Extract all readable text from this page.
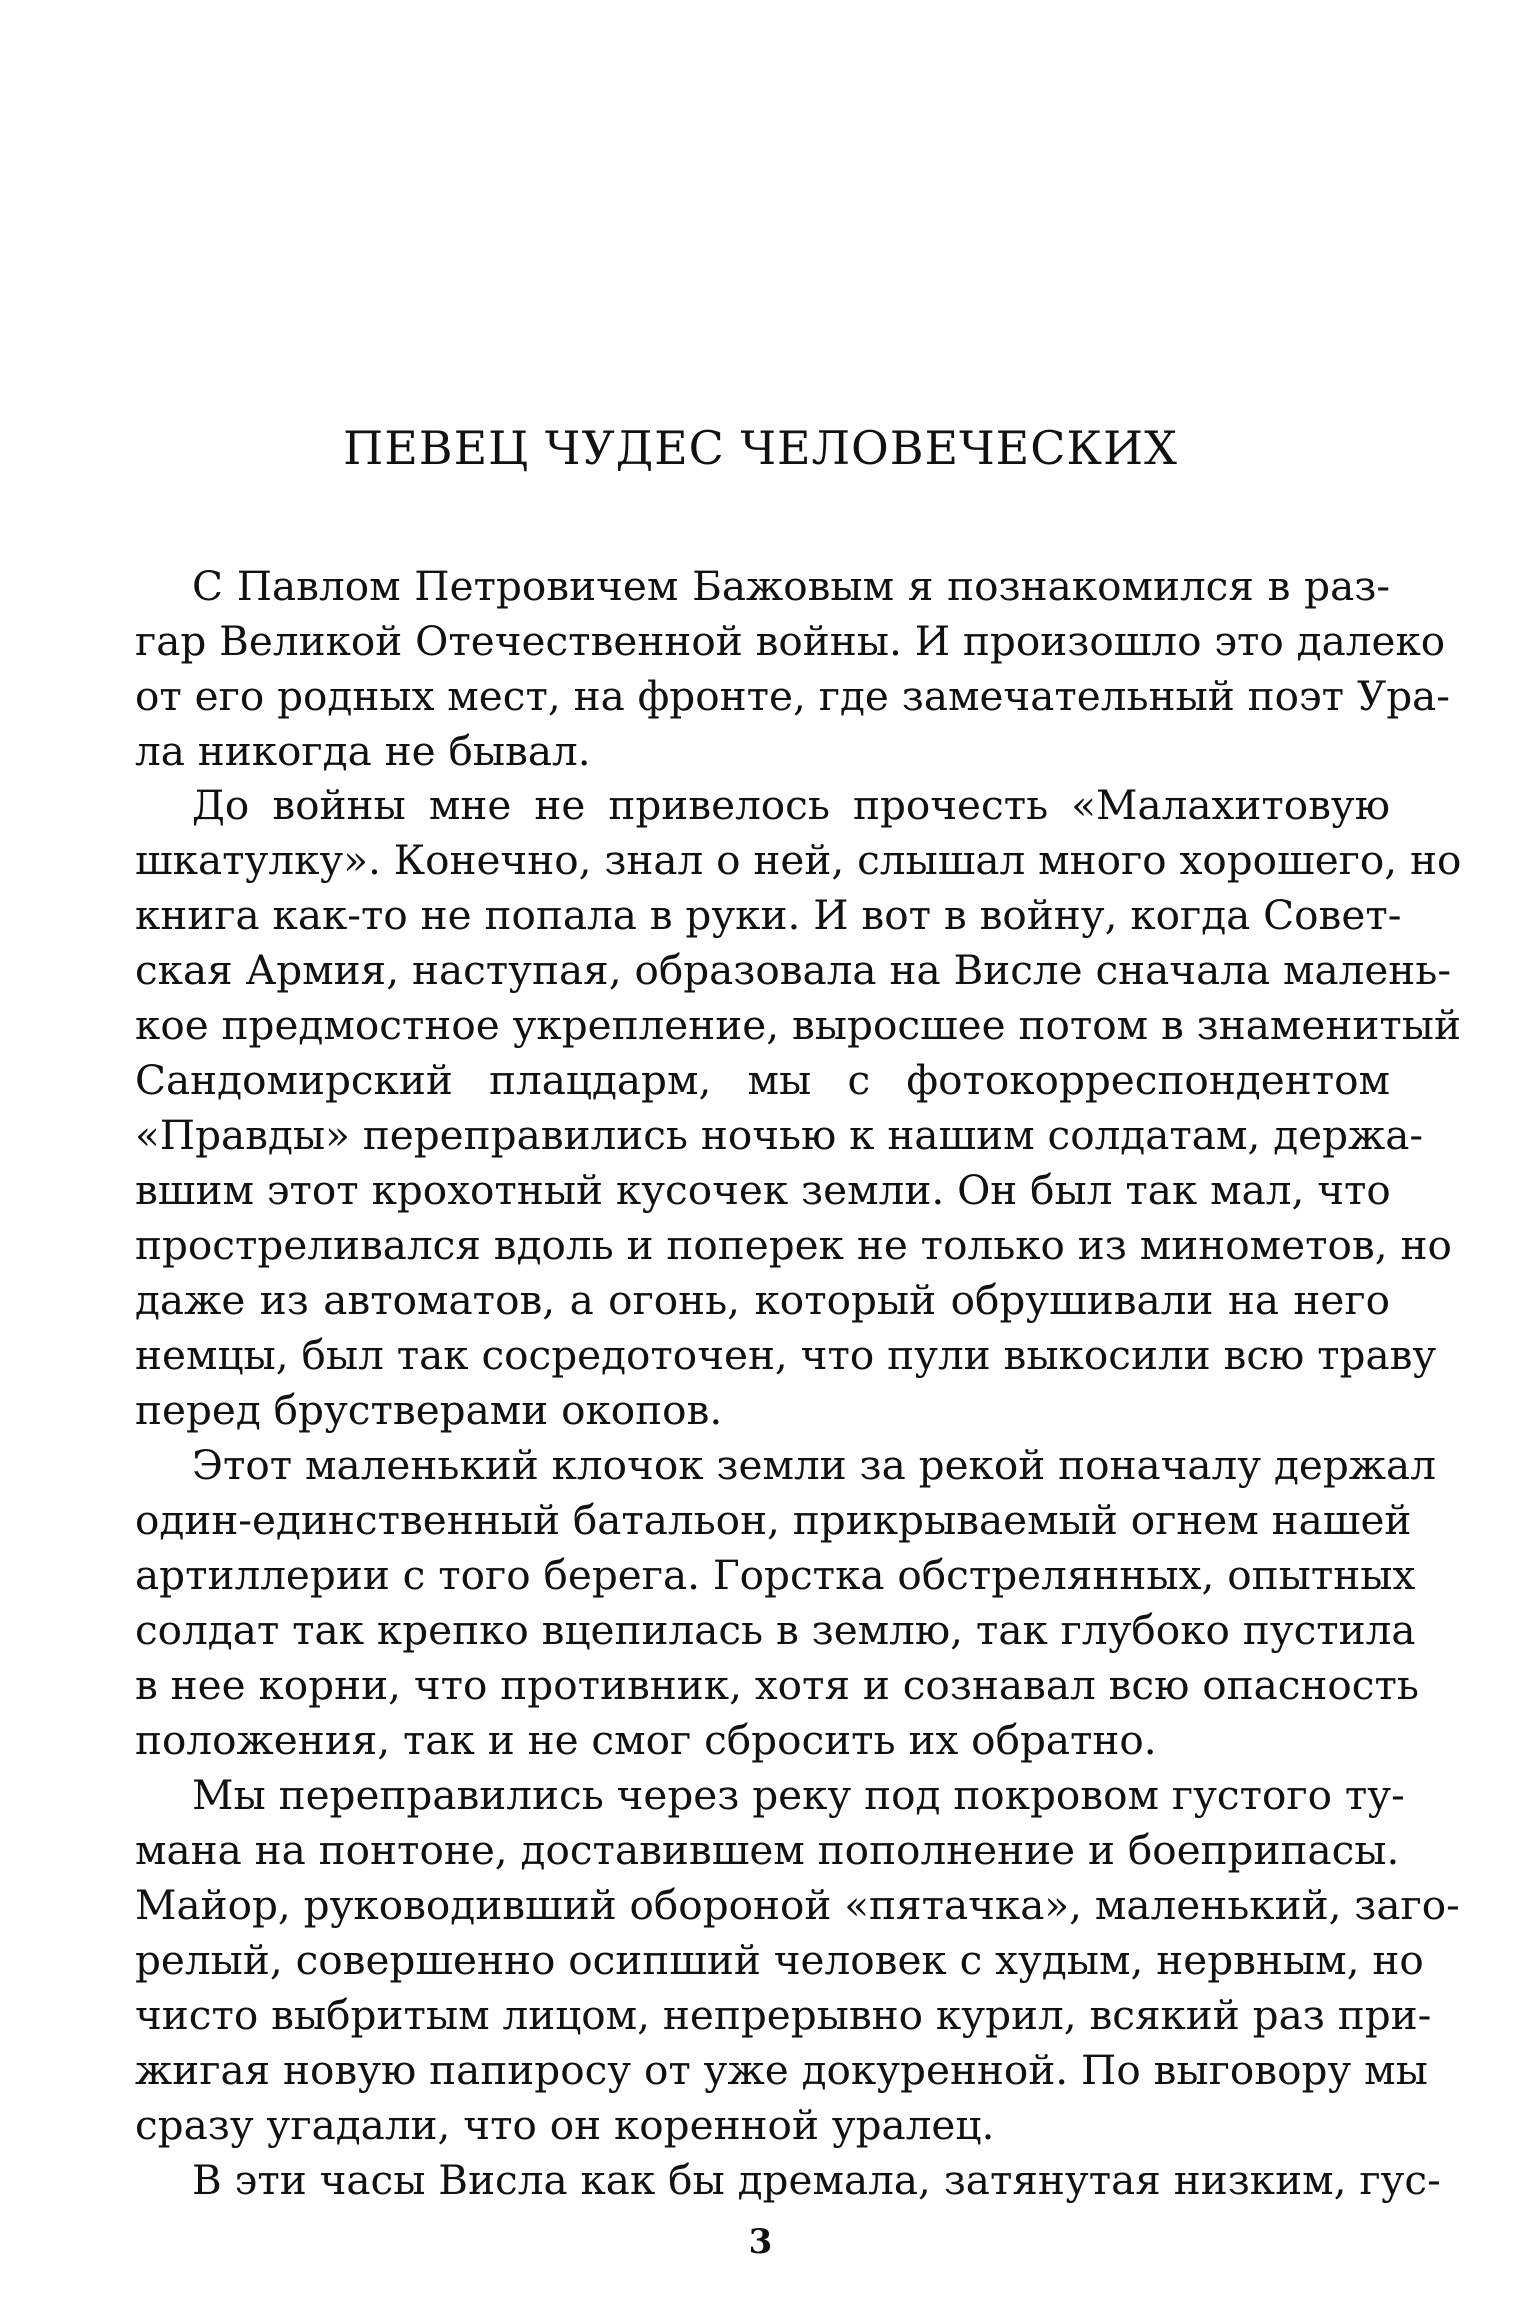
ПЕВЕЦ ЧУДЕС ЧЕЛОВЕЧЕСКИХ
С Павлом Петровичем Бажовым я познакомился в раз-
гар Великой Отечественной войны. И произошло это далеко
от его родных мест, на фронте, где замечательный поэт Ура-
ла никогда не бывал.
До войны мне не привелось прочесть «Малахитовую
шкатулку». Конечно, знал о ней, слышал много хорошего, но
книга как-то не попала в руки. И вот в войну, когда Совет-
ская Армия, наступая, образовала на Висле сначала малень-
кое предмостное укрепление, выросшее потом в знаменитый
Сандомирский плацдарм, мы с фотокорреспондентом
«Правды» переправились ночью к нашим солдатам, держа-
вшим этот крохотный кусочек земли. Он был так мал, что
простреливался вдоль и поперек не только из минометов, но
даже из автоматов, а огонь, который обрушивали на него
немцы, был так сосредоточен, что пули выкосили всю траву
перед брустверами окопов.
Этот маленький клочок земли за рекой поначалу держал
один-единственный батальон, прикрываемый огнем нашей
артиллерии с того берега. Горстка обстрелянных, опытных
солдат так крепко вцепилась в землю, так глубоко пустила
в нее корни, что противник, хотя и сознавал всю опасность
положения, так и не смог сбросить их обратно.
Мы переправились через реку под покровом густого ту-
мана на понтоне, доставившем пополнение и боеприпасы.
Майор, руководивший обороной «пятачка», маленький, заго-
релый, совершенно осипший человек с худым, нервным, но
чисто выбритым лицом, непрерывно курил, всякий раз при-
жигая новую папиросу от уже докуренной. По выговору мы
сразу угадали, что он коренной уралец.
В эти часы Висла как бы дремала, затянутая низким, гус-
3
